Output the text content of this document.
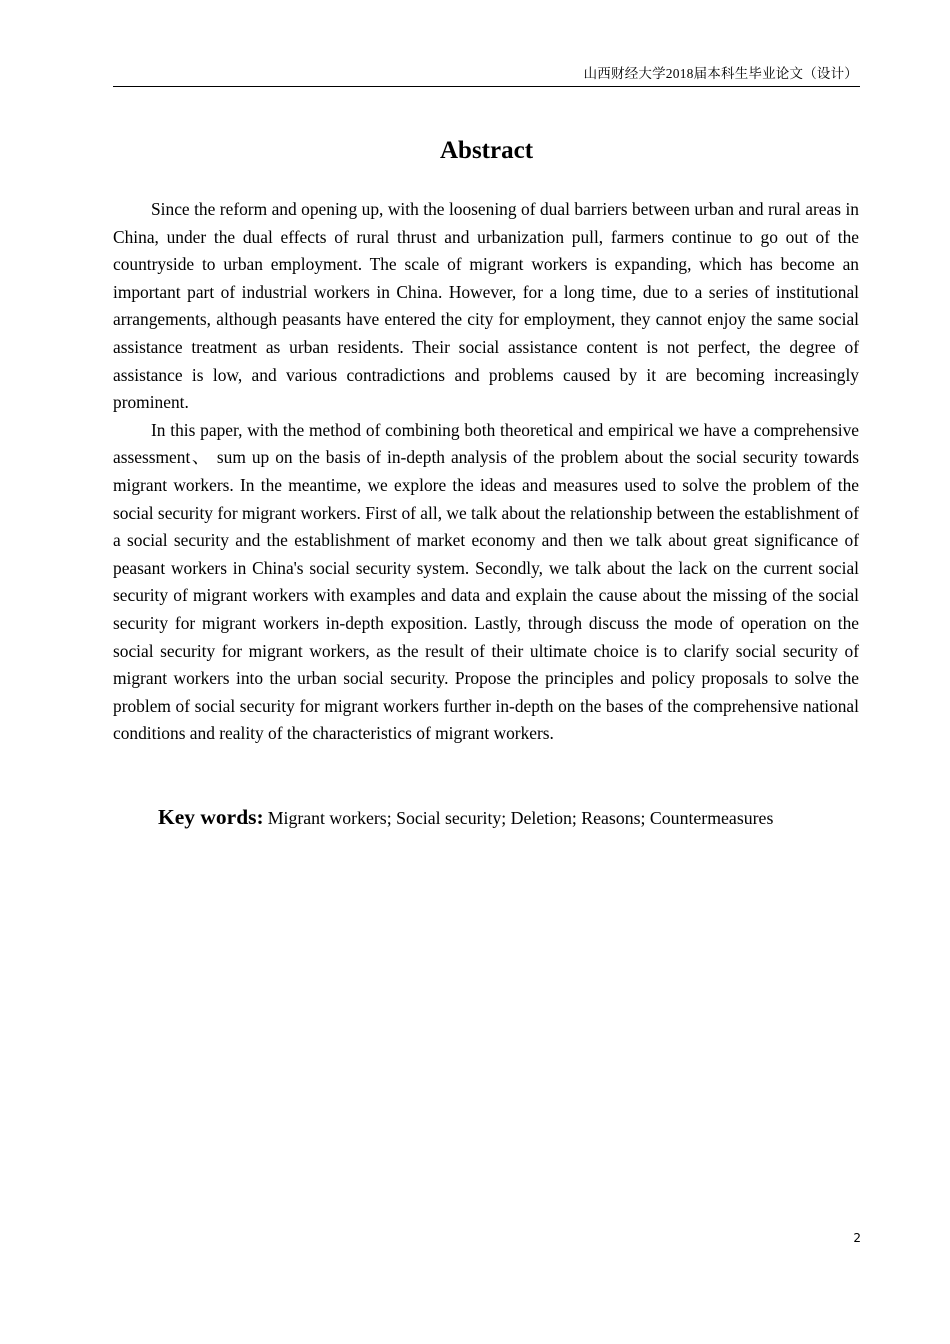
山西财经大学2018届本科生毕业论文（设计）
Abstract

Since the reform and opening up, with the loosening of dual barriers between urban and rural areas in China, under the dual effects of rural thrust and urbanization pull, farmers continue to go out of the countryside to urban employment. The scale of migrant workers is expanding, which has become an important part of industrial workers in China. However, for a long time, due to a series of institutional arrangements, although peasants have entered the city for employment, they cannot enjoy the same social assistance treatment as urban residents. Their social assistance content is not perfect, the degree of assistance is low, and various contradictions and problems caused by it are becoming increasingly prominent.

In this paper, with the method of combining both theoretical and empirical we have a comprehensive assessment、 sum up on the basis of in-depth analysis of the problem about the social security towards migrant workers. In the meantime, we explore the ideas and measures used to solve the problem of the social security for migrant workers. First of all, we talk about the relationship between the establishment of a social security and the establishment of market economy and then we talk about great significance of peasant workers in China's social security system. Secondly, we talk about the lack on the current social security of migrant workers with examples and data and explain the cause about the missing of the social security for migrant workers in-depth exposition. Lastly, through discuss the mode of operation on the social security for migrant workers, as the result of their ultimate choice is to clarify social security of migrant workers into the urban social security. Propose the principles and policy proposals to solve the problem of social security for migrant workers further in-depth on the bases of the comprehensive national conditions and reality of the characteristics of migrant workers.

Key words: Migrant workers; Social security; Deletion; Reasons; Countermeasures
2
